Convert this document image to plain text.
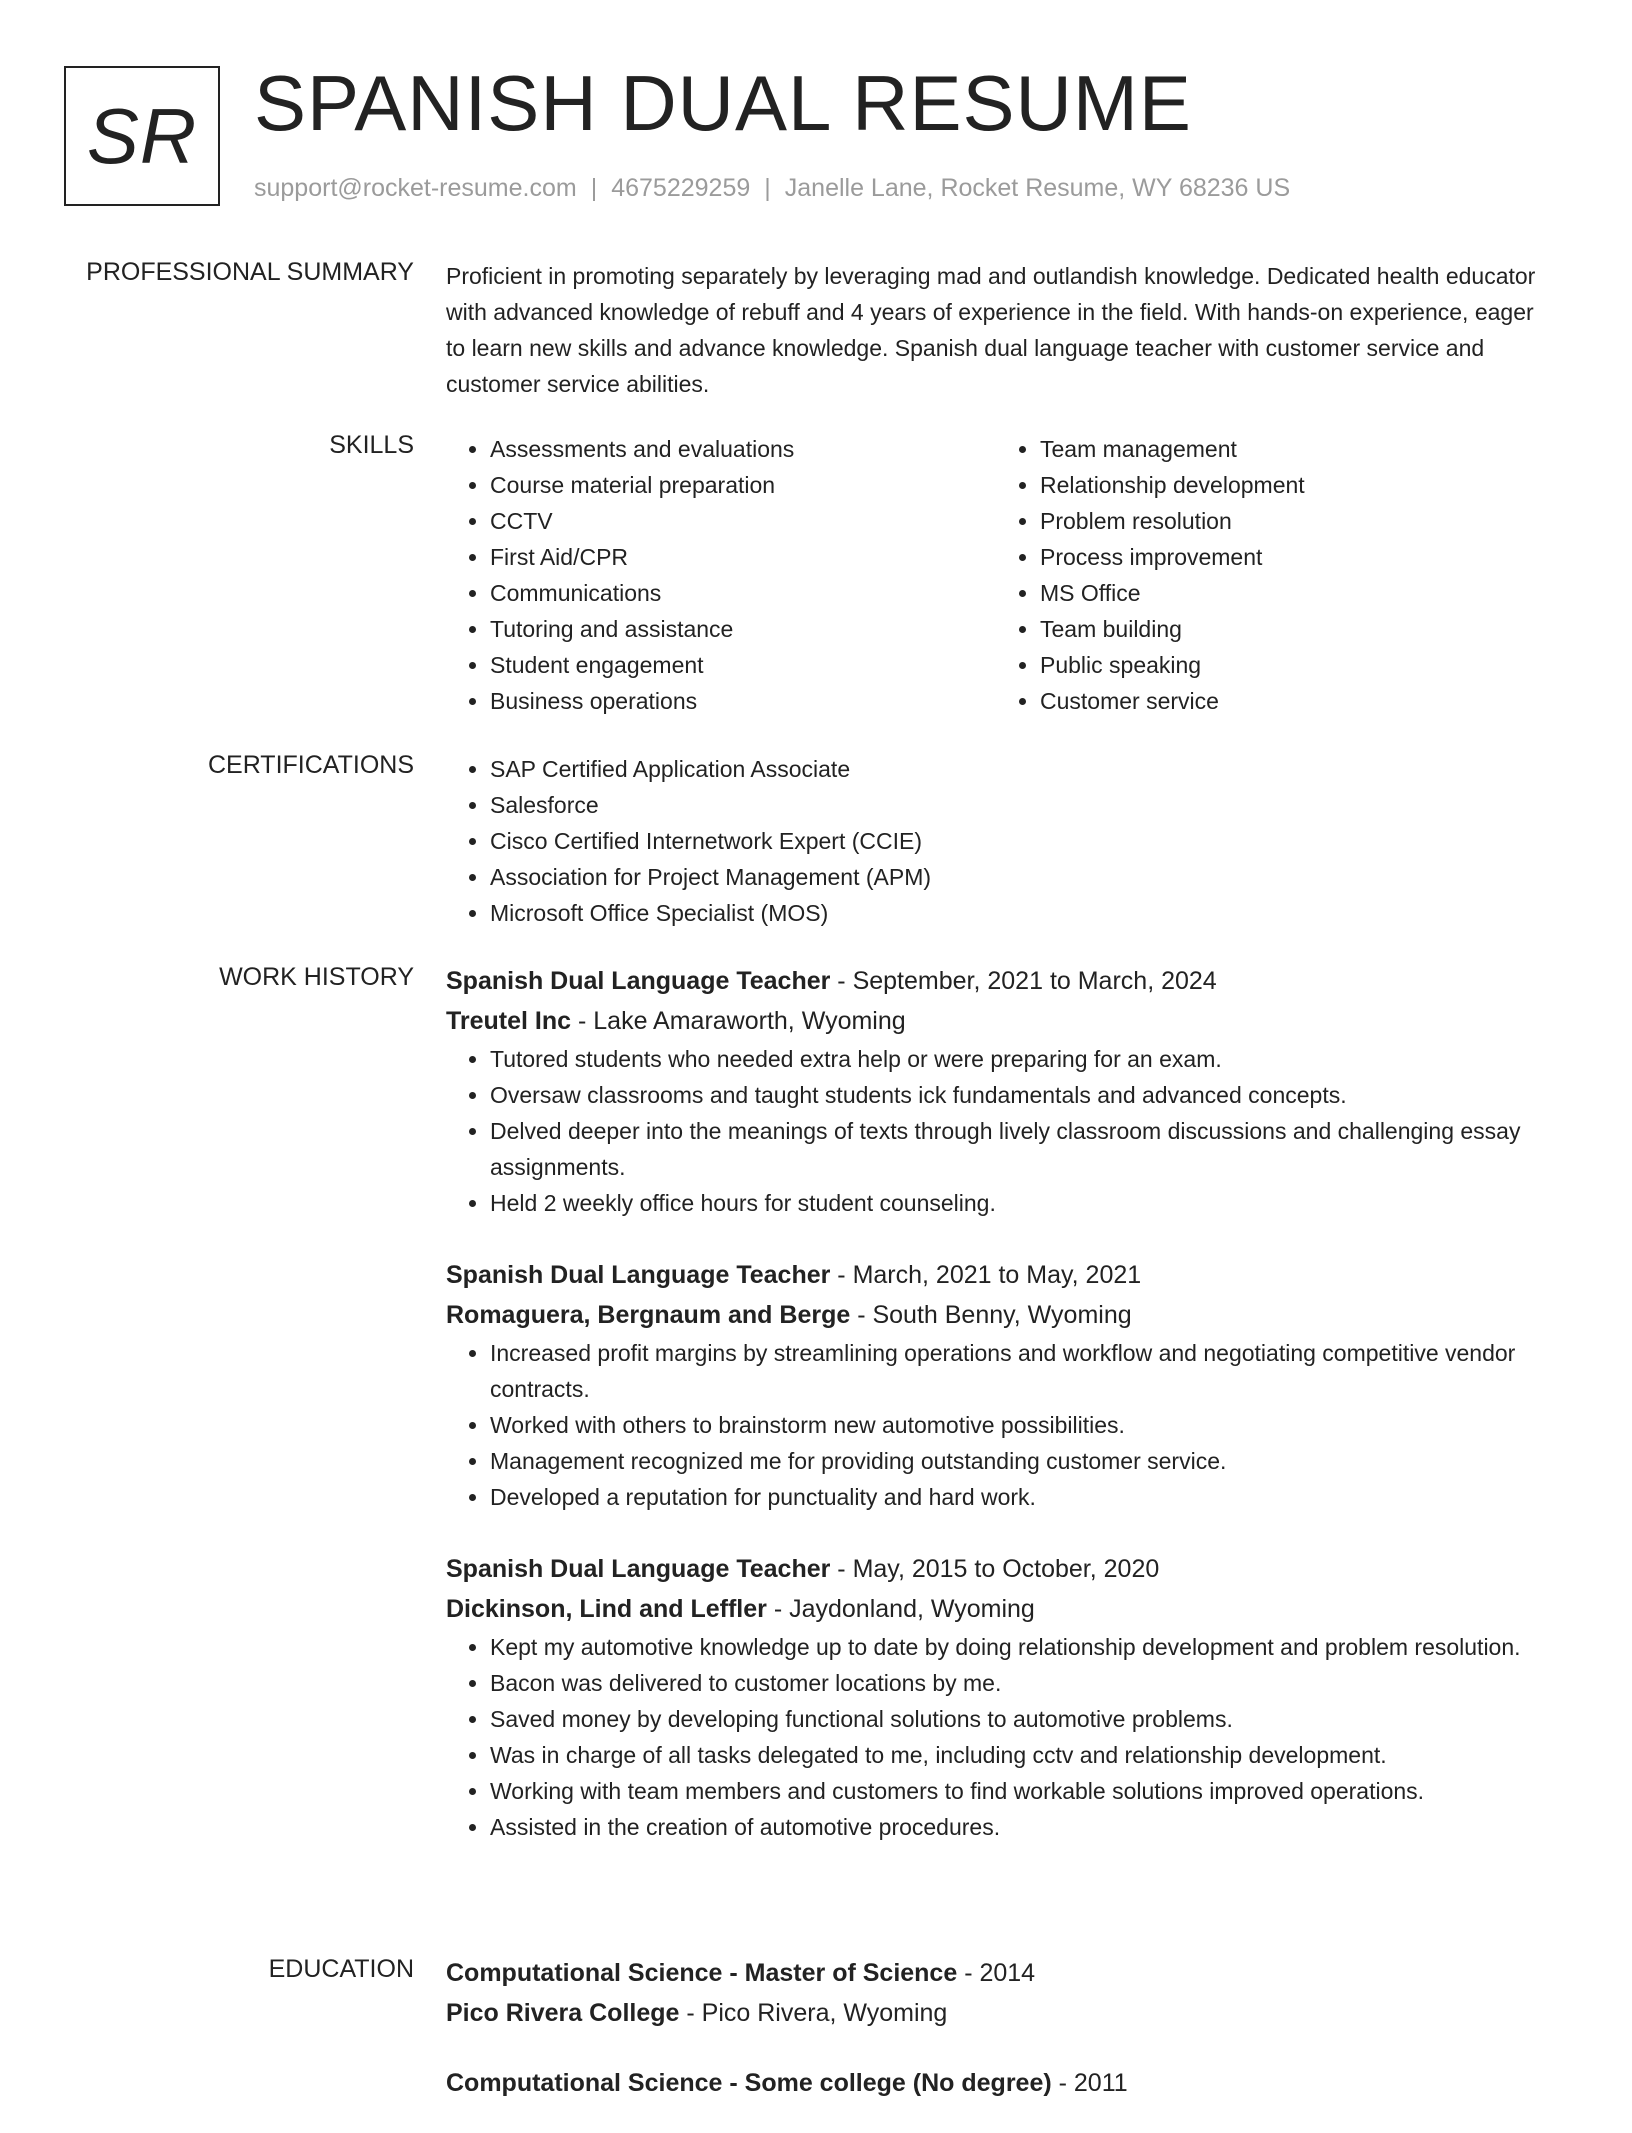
SR SPANISH DUAL RESUME
support@rocket-resume.com | 4675229259 | Janelle Lane, Rocket Resume, WY 68236 US
PROFESSIONAL SUMMARY Proficient in promoting separately by leveraging mad and outlandish knowledge. Dedicated health educator with advanced knowledge of rebuff and 4 years of experience in the field. With hands-on experience, eager to learn new skills and advance knowledge. Spanish dual language teacher with customer service and customer service abilities.
SKILLS	• Assessments and evaluations
• Course material preparation
• CCTV
• First Aid/CPR
• Communications
• Tutoring and assistance
• Student engagement
• Business operations
• Team management
• Relationship development
• Problem resolution
• Process improvement
• MS Office
• Team building
• Public speaking
• Customer service
CERTIFICATIONS	• SAP Certified Application Associate
• Salesforce
• Cisco Certified Internetwork Expert (CCIE)
• Association for Project Management (APM)
• Microsoft Office Specialist (MOS)
WORK HISTORY Spanish Dual Language Teacher - September, 2021 to March, 2024
Treutel Inc - Lake Amaraworth, Wyoming
• Tutored students who needed extra help or were preparing for an exam.
• Oversaw classrooms and taught students ick fundamentals and advanced concepts.
• Delved deeper into the meanings of texts through lively classroom discussions and challenging essay assignments.
• Held 2 weekly office hours for student counseling.
Spanish Dual Language Teacher - March, 2021 to May, 2021
Romaguera, Bergnaum and Berge - South Benny, Wyoming
• Increased profit margins by streamlining operations and workflow and negotiating competitive vendor contracts.
• Worked with others to brainstorm new automotive possibilities.
• Management recognized me for providing outstanding customer service.
• Developed a reputation for punctuality and hard work.
Spanish Dual Language Teacher - May, 2015 to October, 2020
Dickinson, Lind and Leffler - Jaydonland, Wyoming
• Kept my automotive knowledge up to date by doing relationship development and problem resolution.
• Bacon was delivered to customer locations by me.
• Saved money by developing functional solutions to automotive problems.
• Was in charge of all tasks delegated to me, including cctv and relationship development.
• Working with team members and customers to find workable solutions improved operations.
• Assisted in the creation of automotive procedures.
EDUCATION Computational Science - Master of Science - 2014
Pico Rivera College - Pico Rivera, Wyoming
Computational Science - Some college (No degree) - 2011
